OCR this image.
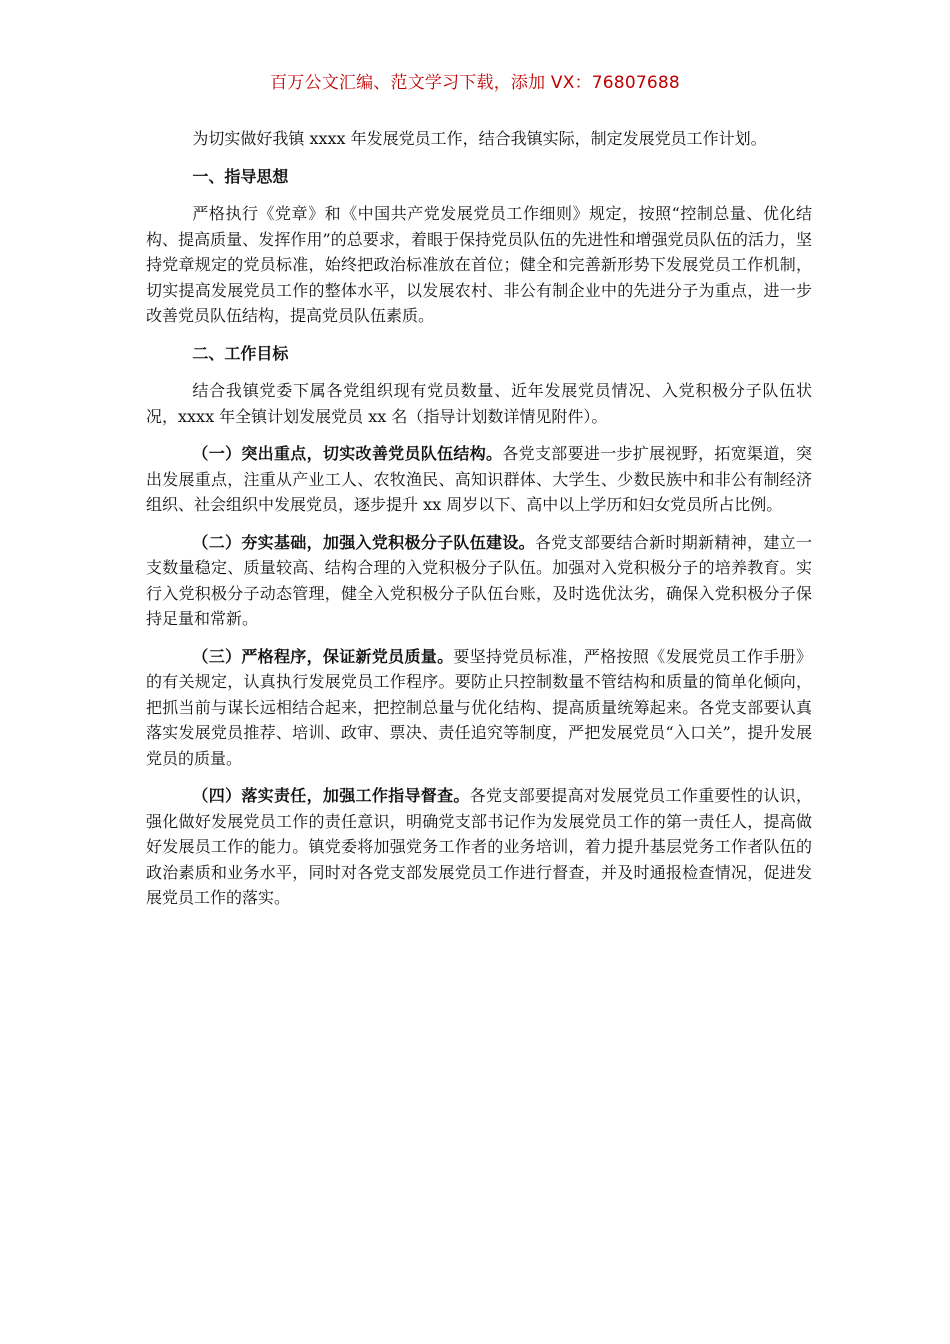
百万公文汇编、范文学习下载，添加 VX：76807688

为切实做好我镇 xxxx 年发展党员工作，结合我镇实际，制定发展党员工作计划。

一、指导思想

严格执行《党章》和《中国共产党发展党员工作细则》规定，按照“控制总量、优化结构、提高质量、发挥作用”的总要求，着眼于保持党员队伍的先进性和增强党员队伍的活力，坚持党章规定的党员标准，始终把政治标准放在首位；健全和完善新形势下发展党员工作机制，切实提高发展党员工作的整体水平，以发展农村、非公有制企业中的先进分子为重点，进一步改善党员队伍结构，提高党员队伍素质。

二、工作目标

结合我镇党委下属各党组织现有党员数量、近年发展党员情况、入党积极分子队伍状况，xxxx 年全镇计划发展党员 xx 名（指导计划数详情见附件）。

（一）突出重点，切实改善党员队伍结构。各党支部要进一步扩展视野，拓宽渠道，突出发展重点，注重从产业工人、农牧渔民、高知识群体、大学生、少数民族中和非公有制经济组织、社会组织中发展党员，逐步提升 xx 周岁以下、高中以上学历和妇女党员所占比例。

（二）夯实基础，加强入党积极分子队伍建设。各党支部要结合新时期新精神，建立一支数量稳定、质量较高、结构合理的入党积极分子队伍。加强对入党积极分子的培养教育。实行入党积极分子动态管理，健全入党积极分子队伍台账，及时选优汰劣，确保入党积极分子保持足量和常新。

（三）严格程序，保证新党员质量。要坚持党员标准，严格按照《发展党员工作手册》的有关规定，认真执行发展党员工作程序。要防止只控制数量不管结构和质量的简单化倾向，把抓当前与谋长远相结合起来，把控制总量与优化结构、提高质量统筹起来。各党支部要认真落实发展党员推荐、培训、政审、票决、责任追究等制度，严把发展党员“入口关”，提升发展党员的质量。

（四）落实责任，加强工作指导督查。各党支部要提高对发展党员工作重要性的认识，强化做好发展党员工作的责任意识，明确党支部书记作为发展党员工作的第一责任人，提高做好发展员工作的能力。镇党委将加强党务工作者的业务培训，着力提升基层党务工作者队伍的政治素质和业务水平，同时对各党支部发展党员工作进行督查，并及时通报检查情况，促进发展党员工作的落实。
